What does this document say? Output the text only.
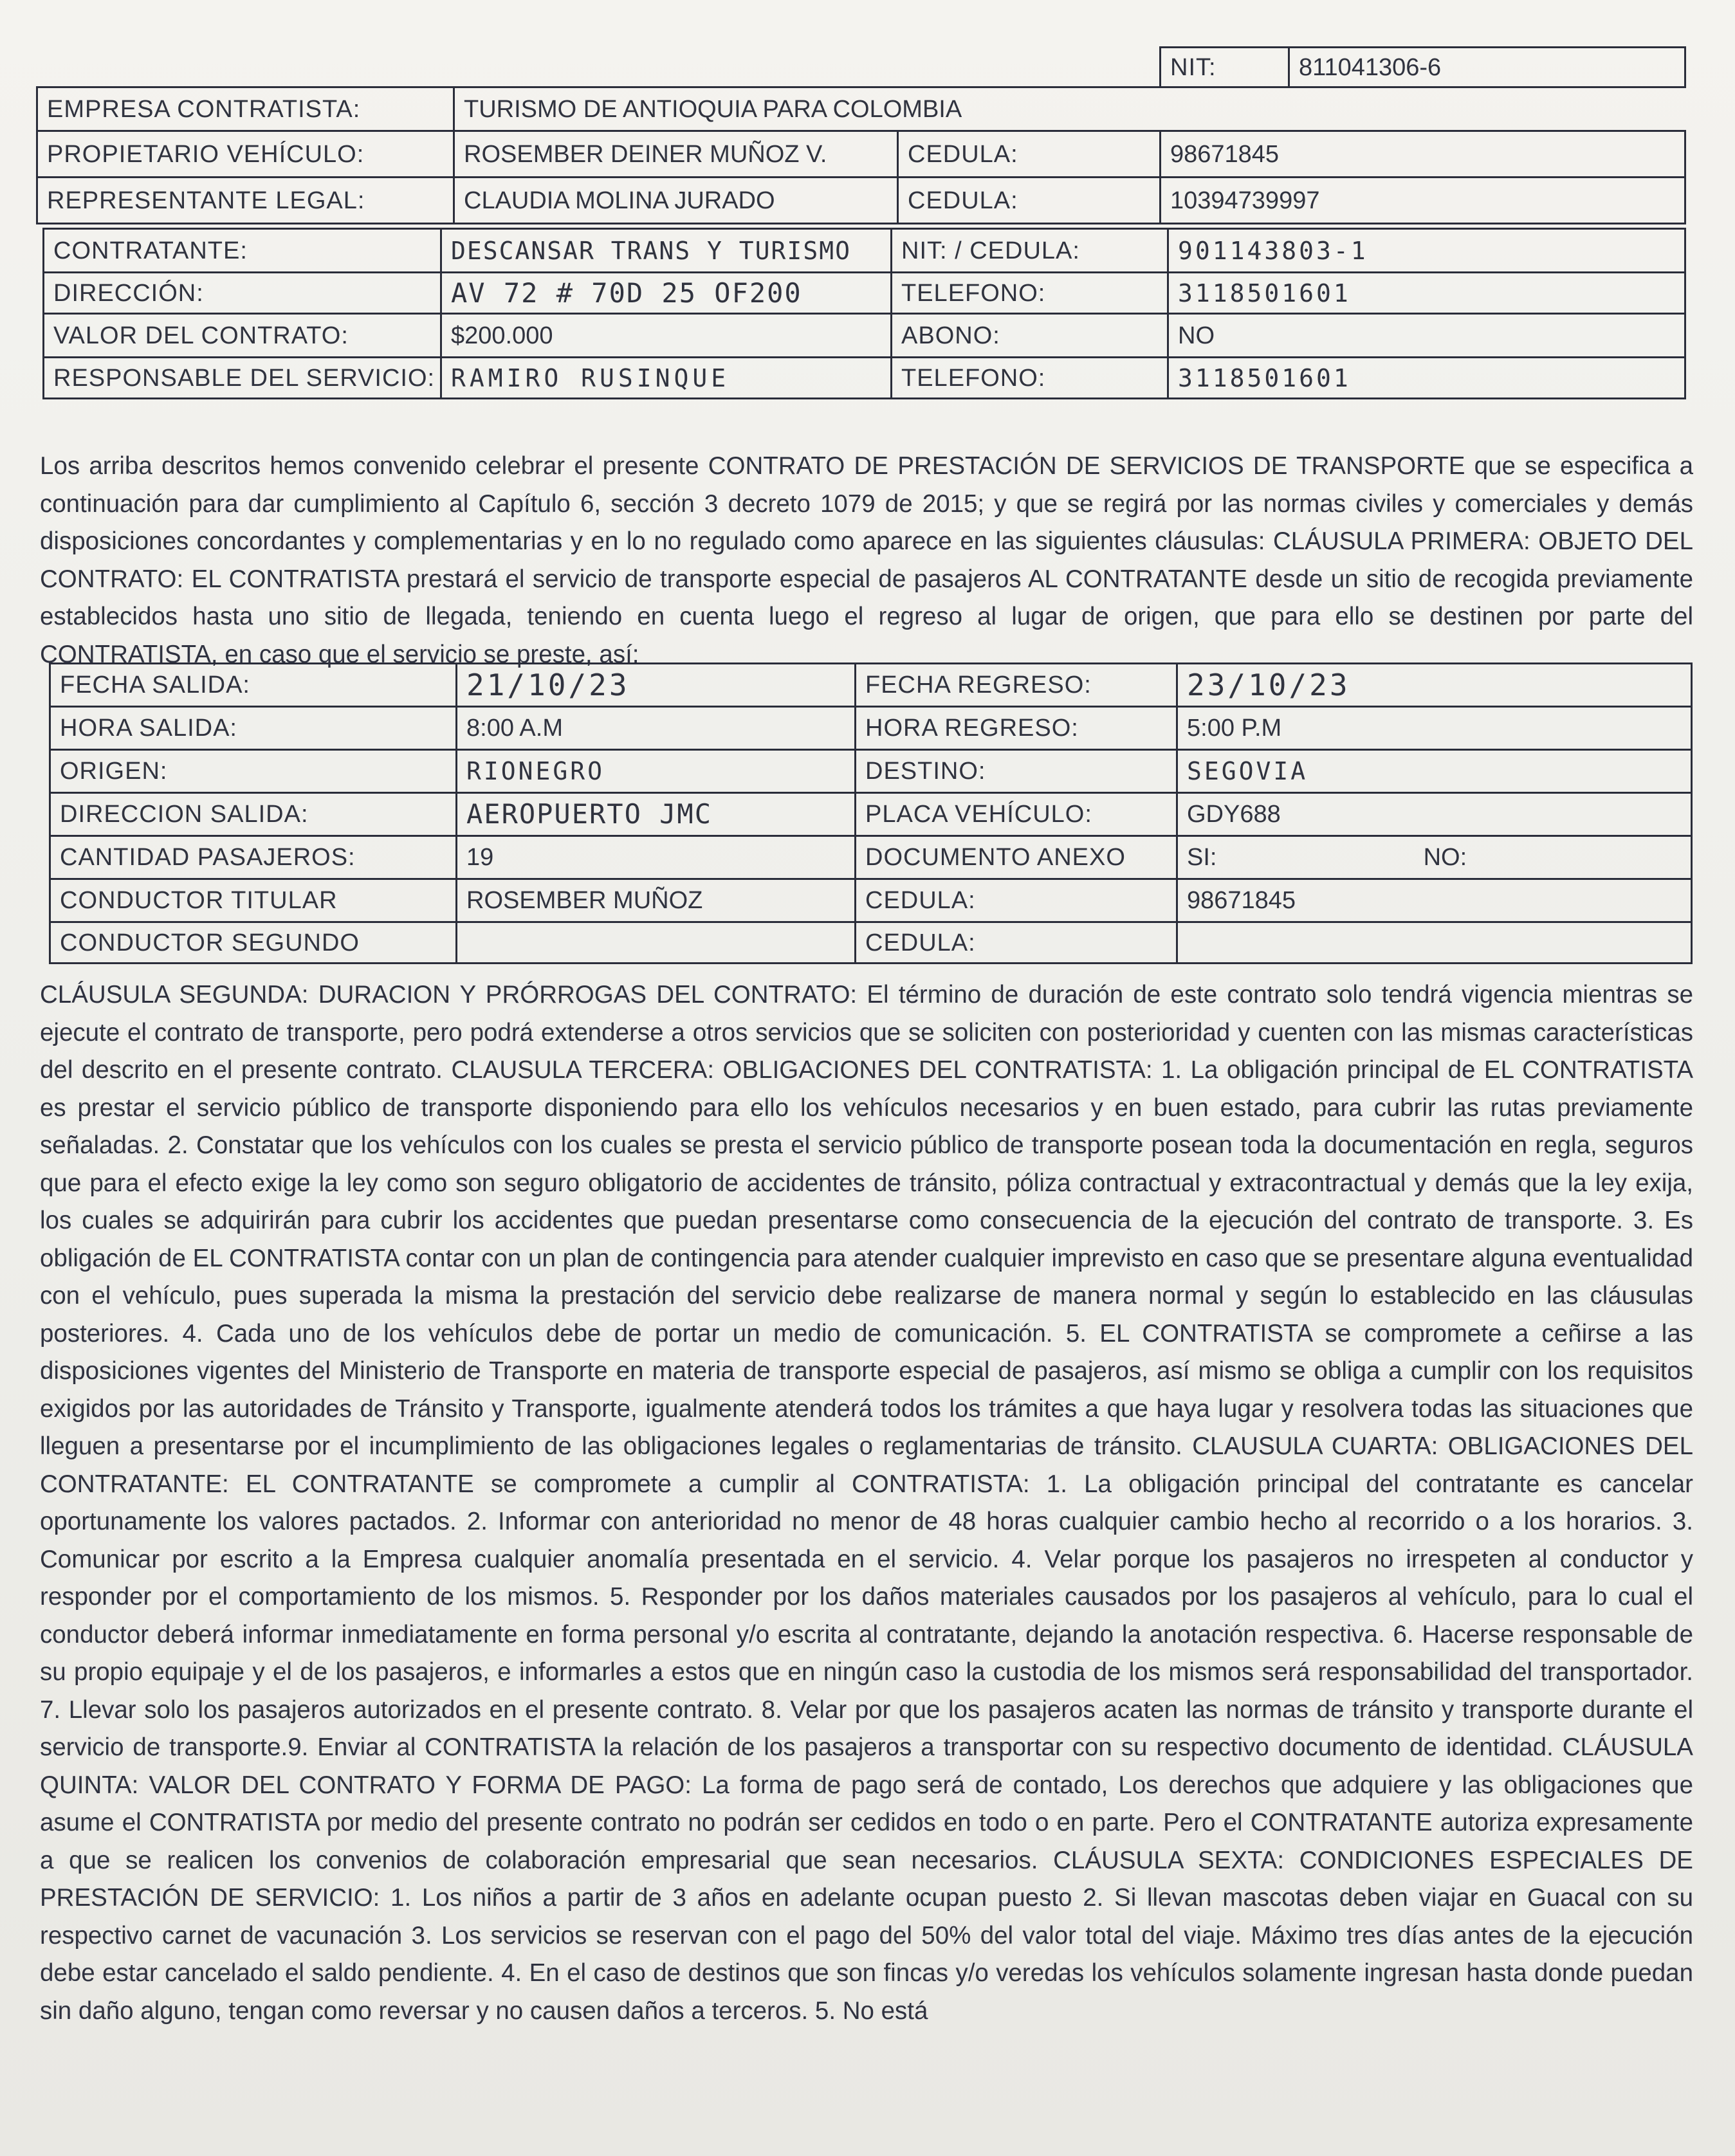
			NIT:	811041306-6
EMPRESA CONTRATISTA:	TURISMO DE ANTIOQUIA PARA COLOMBIA		
PROPIETARIO VEHÍCULO:	ROSEMBER DEINER MUÑOZ V.	CEDULA:	98671845
REPRESENTANTE LEGAL:	CLAUDIA MOLINA JURADO	CEDULA:	10394739997
CONTRATANTE:	DESCANSAR TRANS Y TURISMO	NIT: / CEDULA:	901143803-1
DIRECCIÓN:	AV 72 # 70D 25 OF200	TELEFONO:	3118501601
VALOR DEL CONTRATO:	$200.000	ABONO:	NO
RESPONSABLE DEL SERVICIO:	RAMIRO RUSINQUE	TELEFONO:	3118501601

Los arriba descritos hemos convenido celebrar el presente CONTRATO DE PRESTACIÓN DE SERVICIOS DE TRANSPORTE que se especifica a continuación para dar cumplimiento al Capítulo 6, sección 3 decreto 1079 de 2015; y que se regirá por las normas civiles y comerciales y demás disposiciones concordantes y complementarias y en lo no regulado como aparece en las siguientes cláusulas: CLÁUSULA PRIMERA: OBJETO DEL CONTRATO: EL CONTRATISTA prestará el servicio de transporte especial de pasajeros AL CONTRATANTE desde un sitio de recogida previamente establecidos hasta uno sitio de llegada, teniendo en cuenta luego el regreso al lugar de origen, que para ello se destinen por parte del CONTRATISTA, en caso que el servicio se preste, así:

FECHA SALIDA:	21/10/23	FECHA REGRESO:	23/10/23
HORA SALIDA:	8:00 A.M	HORA REGRESO:	5:00 P.M
ORIGEN:	RIONEGRO	DESTINO:	SEGOVIA
DIRECCION SALIDA:	AEROPUERTO JMC	PLACA VEHÍCULO:	GDY688
CANTIDAD PASAJEROS:	19	DOCUMENTO ANEXO	SI: NO:
CONDUCTOR TITULAR	ROSEMBER MUÑOZ	CEDULA:	98671845
CONDUCTOR SEGUNDO		CEDULA:	

CLÁUSULA SEGUNDA: DURACION Y PRÓRROGAS DEL CONTRATO: El término de duración de este contrato solo tendrá vigencia mientras se ejecute el contrato de transporte, pero podrá extenderse a otros servicios que se soliciten con posterioridad y cuenten con las mismas características del descrito en el presente contrato. CLAUSULA TERCERA: OBLIGACIONES DEL CONTRATISTA: 1. La obligación principal de EL CONTRATISTA es prestar el servicio público de transporte disponiendo para ello los vehículos necesarios y en buen estado, para cubrir las rutas previamente señaladas. 2. Constatar que los vehículos con los cuales se presta el servicio público de transporte posean toda la documentación en regla, seguros que para el efecto exige la ley como son seguro obligatorio de accidentes de tránsito, póliza contractual y extracontractual y demás que la ley exija, los cuales se adquirirán para cubrir los accidentes que puedan presentarse como consecuencia de la ejecución del contrato de transporte. 3. Es obligación de EL CONTRATISTA contar con un plan de contingencia para atender cualquier imprevisto en caso que se presentare alguna eventualidad con el vehículo, pues superada la misma la prestación del servicio debe realizarse de manera normal y según lo establecido en las cláusulas posteriores. 4. Cada uno de los vehículos debe de portar un medio de comunicación. 5. EL CONTRATISTA se compromete a ceñirse a las disposiciones vigentes del Ministerio de Transporte en materia de transporte especial de pasajeros, así mismo se obliga a cumplir con los requisitos exigidos por las autoridades de Tránsito y Transporte, igualmente atenderá todos los trámites a que haya lugar y resolvera todas las situaciones que lleguen a presentarse por el incumplimiento de las obligaciones legales o reglamentarias de tránsito. CLAUSULA CUARTA: OBLIGACIONES DEL CONTRATANTE: EL CONTRATANTE se compromete a cumplir al CONTRATISTA: 1. La obligación principal del contratante es cancelar oportunamente los valores pactados. 2. Informar con anterioridad no menor de 48 horas cualquier cambio hecho al recorrido o a los horarios. 3. Comunicar por escrito a la Empresa cualquier anomalía presentada en el servicio. 4. Velar porque los pasajeros no irrespeten al conductor y responder por el comportamiento de los mismos. 5. Responder por los daños materiales causados por los pasajeros al vehículo, para lo cual el conductor deberá informar inmediatamente en forma personal y/o escrita al contratante, dejando la anotación respectiva. 6. Hacerse responsable de su propio equipaje y el de los pasajeros, e informarles a estos que en ningún caso la custodia de los mismos será responsabilidad del transportador. 7. Llevar solo los pasajeros autorizados en el presente contrato. 8. Velar por que los pasajeros acaten las normas de tránsito y transporte durante el servicio de transporte.9. Enviar al CONTRATISTA la relación de los pasajeros a transportar con su respectivo documento de identidad. CLÁUSULA QUINTA: VALOR DEL CONTRATO Y FORMA DE PAGO: La forma de pago será de contado, Los derechos que adquiere y las obligaciones que asume el CONTRATISTA por medio del presente contrato no podrán ser cedidos en todo o en parte. Pero el CONTRATANTE autoriza expresamente a que se realicen los convenios de colaboración empresarial que sean necesarios. CLÁUSULA SEXTA: CONDICIONES ESPECIALES DE PRESTACIÓN DE SERVICIO: 1. Los niños a partir de 3 años en adelante ocupan puesto 2. Si llevan mascotas deben viajar en Guacal con su respectivo carnet de vacunación 3. Los servicios se reservan con el pago del 50% del valor total del viaje. Máximo tres días antes de la ejecución debe estar cancelado el saldo pendiente. 4. En el caso de destinos que son fincas y/o veredas los vehículos solamente ingresan hasta donde puedan sin daño alguno, tengan como reversar y no causen daños a terceros. 5. No está
